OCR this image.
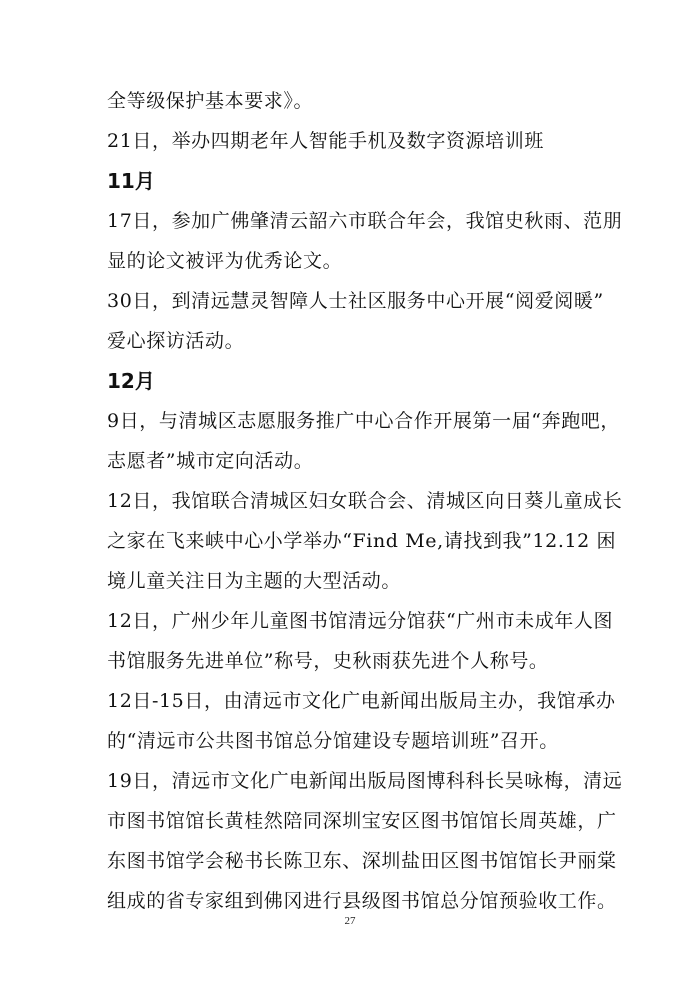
全等级保护基本要求》。
21日，举办四期老年人智能手机及数字资源培训班
11月
17日，参加广佛肇清云韶六市联合年会，我馆史秋雨、范朋
显的论文被评为优秀论文。
30日，到清远慧灵智障人士社区服务中心开展“阅爱阅暖”
爱心探访活动。
12月
9日，与清城区志愿服务推广中心合作开展第一届“奔跑吧，
志愿者”城市定向活动。
12日，我馆联合清城区妇女联合会、清城区向日葵儿童成长
之家在飞来峡中心小学举办“Find Me,请找到我”12.12 困
境儿童关注日为主题的大型活动。
12日，广州少年儿童图书馆清远分馆获“广州市未成年人图
书馆服务先进单位”称号，史秋雨获先进个人称号。
12日-15日，由清远市文化广电新闻出版局主办，我馆承办
的“清远市公共图书馆总分馆建设专题培训班”召开。
19日，清远市文化广电新闻出版局图博科科长吴咏梅，清远
市图书馆馆长黄桂然陪同深圳宝安区图书馆馆长周英雄，广
东图书馆学会秘书长陈卫东、深圳盐田区图书馆馆长尹丽棠
组成的省专家组到佛冈进行县级图书馆总分馆预验收工作。
27
